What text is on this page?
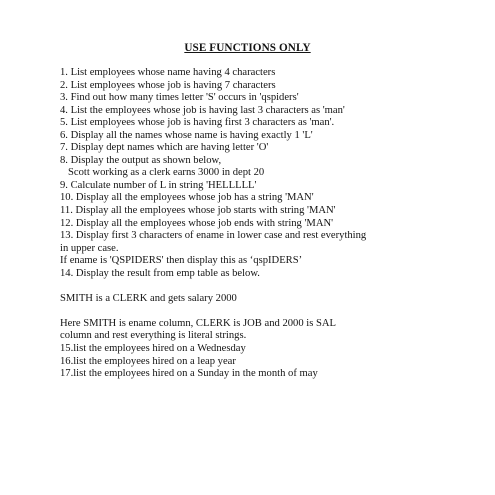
USE FUNCTIONS ONLY
1. List employees whose name having 4 characters
2. List employees whose job is having 7 characters
3. Find out how many times letter 'S' occurs in 'qspiders'
4. List the employees whose job is having last 3 characters as 'man'
5. List employees whose job is having first 3 characters as 'man'.
6. Display all the names whose name is having exactly 1 'L'
7. Display dept names which are having letter 'O'
8. Display the output as shown below,
Scott working as a clerk earns 3000 in dept 20
9. Calculate number of L in string 'HELLLLL'
10. Display all the employees whose job has a string 'MAN'
11. Display all the employees whose job starts with string 'MAN'
12. Display all the employees whose job ends with string 'MAN'
13. Display first 3 characters of ename in lower case and rest everything
in upper case.
If ename is 'QSPIDERS' then display this as ‘qspIDERS’
14. Display the result from emp table as below.
SMITH is a CLERK and gets salary 2000
Here SMITH is ename column, CLERK is JOB and 2000 is SAL
column and rest everything is literal strings.
15.list the employees hired on a Wednesday
16.list the employees hired on a leap year
17.list the employees hired on a Sunday in the month of may
